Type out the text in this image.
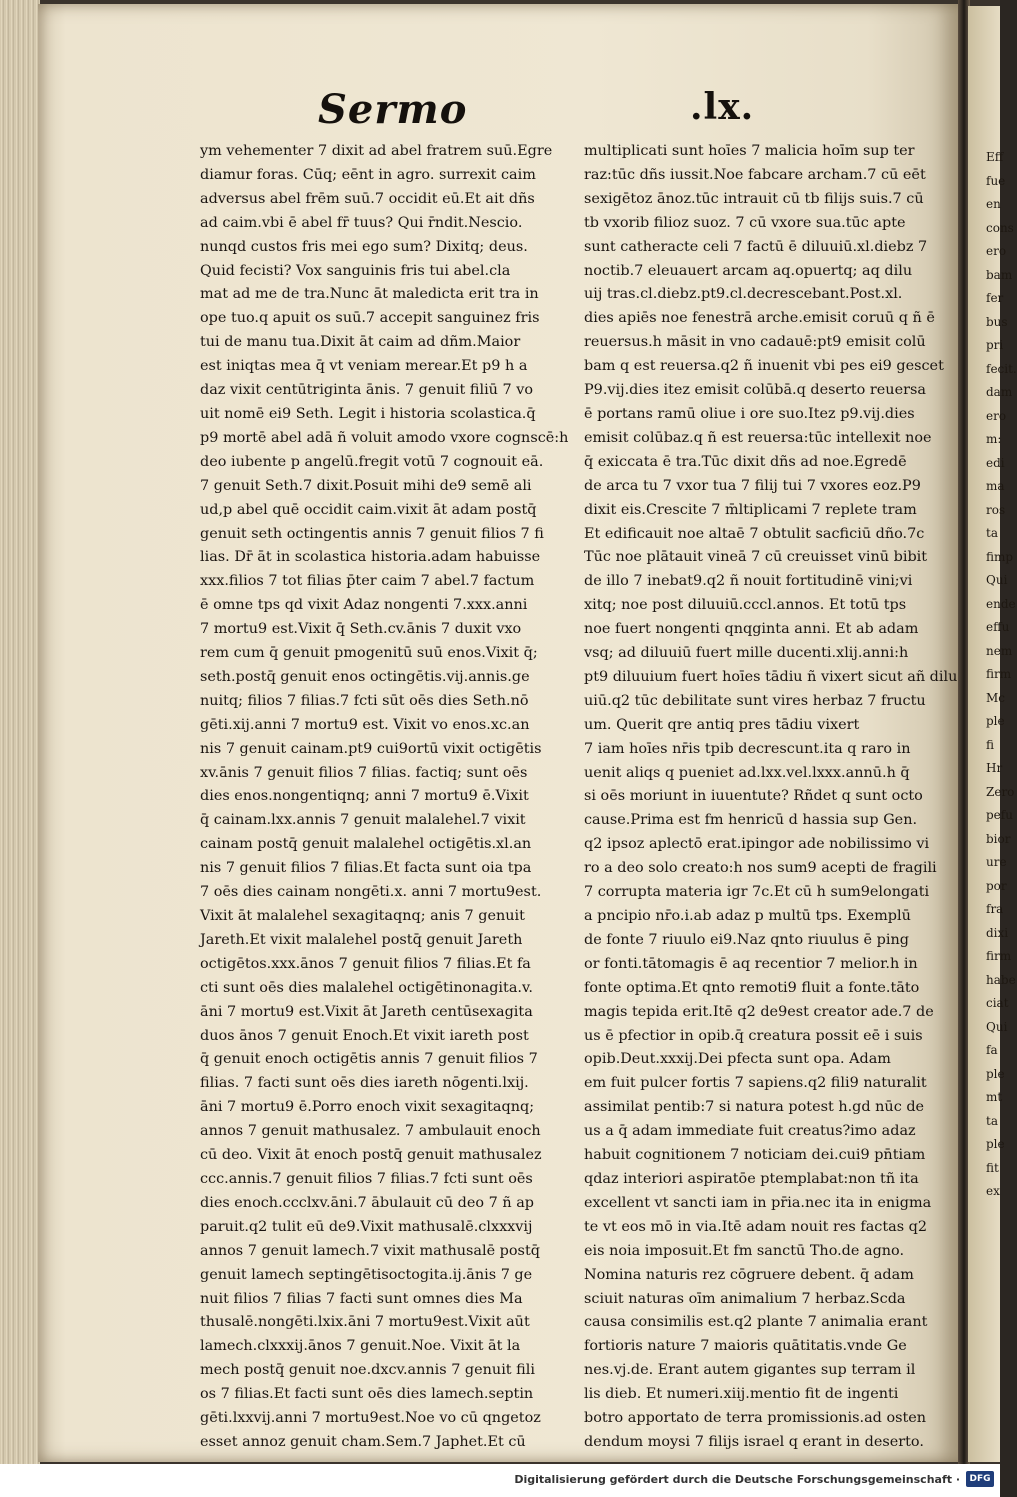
Eff
fue
en
cons
ero
bam
fer
bus
pri
fecit.
dam
ero
m:
edi
ma
ros
ta
fimp
Qui
ende
effu
nem
firm
Mc
ple
fi
Hr
Zero
pefu
bior
ure
por
fra
dixi
firm
habe
ciat
Qui
fa
ple
mt
ta
ple
fit
ex
Sermo	.lx.
ym vehementer 7 dixit ad abel fratrem suū.Egre
diamur foras. Cūq; eēnt in agro. surrexit caim
adversus abel frēm suū.7 occidit eū.Et ait dñs
ad caim.vbi ē abel fr̄ tuus? Qui r̄ndit.Nescio.
nunqd custos fris mei ego sum? Dixitq; deus.
Quid fecisti? Vox sanguinis fris tui abel.cla
mat ad me de tra.Nunc āt maledicta erit tra in
ope tuo.q apuit os suū.7 accepit sanguinez fris
tui de manu tua.Dixit āt caim ad dñm.Maior
est iniqtas mea q̄ vt veniam merear.Et p9 h a
daz vixit centūtriginta ānis. 7 genuit filiū 7 vo
uit nomē ei9 Seth. Legit i historia scolastica.q̄
p9 mortē abel adā ñ voluit amodo vxore cognscē:h
deo iubente p angelū.fregit votū 7 cognouit eā.
7 genuit Seth.7 dixit.Posuit mihi de9 semē ali
ud,p abel quē occidit caim.vixit āt adam postq̄
genuit seth octingentis annis 7 genuit filios 7 fi
lias. Dr̄ āt in scolastica historia.adam habuisse
xxx.filios 7 tot filias p̄ter caim 7 abel.7 factum
ē omne tps qd vixit Adaz nongenti 7.xxx.anni
7 mortu9 est.Vixit q̄ Seth.cv.ānis 7 duxit vxo
rem cum q̄ genuit pmogenitū suū enos.Vixit q̄;
seth.postq̄ genuit enos octingētis.vij.annis.ge
nuitq; filios 7 filias.7 fcti sūt oēs dies Seth.nō
gēti.xij.anni 7 mortu9 est. Vixit vo enos.xc.an
nis 7 genuit cainam.pt9 cui9ortū vixit octigētis
xv.ānis 7 genuit filios 7 filias. factiq; sunt oēs
dies enos.nongentiqnq; anni 7 mortu9 ē.Vixit
q̄ cainam.lxx.annis 7 genuit malalehel.7 vixit
cainam postq̄ genuit malalehel octigētis.xl.an
nis 7 genuit filios 7 filias.Et facta sunt oia tpa
7 oēs dies cainam nongēti.x. anni 7 mortu9est.
Vixit āt malalehel sexagitaqnq; anis 7 genuit
Jareth.Et vixit malalehel postq̄ genuit Jareth
octigētos.xxx.ānos 7 genuit filios 7 filias.Et fa
cti sunt oēs dies malalehel octigētinonagita.v.
āni 7 mortu9 est.Vixit āt Jareth centūsexagita
duos ānos 7 genuit Enoch.Et vixit iareth post
q̄ genuit enoch octigētis annis 7 genuit filios 7
filias. 7 facti sunt oēs dies iareth nōgenti.lxij.
āni 7 mortu9 ē.Porro enoch vixit sexagitaqnq;
annos 7 genuit mathusalez. 7 ambulauit enoch
cū deo. Vixit āt enoch postq̄ genuit mathusalez
ccc.annis.7 genuit filios 7 filias.7 fcti sunt oēs
dies enoch.ccclxv.āni.7 ābulauit cū deo 7 ñ ap
paruit.q2 tulit eū de9.Vixit mathusalē.clxxxvij
annos 7 genuit lamech.7 vixit mathusalē postq̄
genuit lamech septingētisoctogita.ij.ānis 7 ge
nuit filios 7 filias 7 facti sunt omnes dies Ma
thusalē.nongēti.lxix.āni 7 mortu9est.Vixit aūt
lamech.clxxxij.ānos 7 genuit.Noe. Vixit āt la
mech postq̄ genuit noe.dxcv.annis 7 genuit fili
os 7 filias.Et facti sunt oēs dies lamech.septin
gēti.lxxvij.anni 7 mortu9est.Noe vo cū qngetoz
esset annoz genuit cham.Sem.7 Japhet.Et cū
multiplicati sunt hoīes 7 malicia hoīm sup ter
raz:tūc dñs iussit.Noe fabcare archam.7 cū eēt
sexigētoz ānoz.tūc intrauit cū tb filijs suis.7 cū
tb vxorib filioz suoz. 7 cū vxore sua.tūc apte
sunt catheracte celi 7 factū ē diluuiū.xl.diebz 7
noctib.7 eleuauert arcam aq.opuertq; aq dilu
uij tras.cl.diebz.pt9.cl.decrescebant.Post.xl.
dies apiēs noe fenestrā arche.emisit coruū q ñ ē
reuersus.h māsit in vno cadauē:pt9 emisit colū
bam q est reuersa.q2 ñ inuenit vbi pes ei9 gescet
P9.vij.dies itez emisit colūbā.q deserto reuersa
ē portans ramū oliue i ore suo.Itez p9.vij.dies
emisit colūbaz.q ñ est reuersa:tūc intellexit noe
q̄ exiccata ē tra.Tūc dixit dñs ad noe.Egredē
de arca tu 7 vxor tua 7 filij tui 7 vxores eoz.P9
dixit eis.Crescite 7 m̄ltiplicami 7 replete tram
Et edificauit noe altaē 7 obtulit sacficiū dño.7c
Tūc noe plātauit vineā 7 cū creuisset vinū bibit
de illo 7 inebat9.q2 ñ nouit fortitudinē vini;vi
xitq; noe post diluuiū.cccl.annos. Et totū tps
noe fuert nongenti qnqginta anni. Et ab adam
vsq; ad diluuiū fuert mille ducenti.xlij.anni:h
pt9 diluuium fuert hoīes tādiu ñ vixert sicut añ dilu
uiū.q2 tūc debilitate sunt vires herbaz 7 fructu
um. Querit qre antiq pres tādiu vixert
7 iam hoīes nr̄is tpib decrescunt.ita q raro in
uenit aliqs q pueniet ad.lxx.vel.lxxx.annū.h q̄
si oēs moriunt in iuuentute? Rñdet q sunt octo
cause.Prima est fm henricū d hassia sup Gen.
q2 ipsoz aplectō erat.ipingor ade nobilissimo vi
ro a deo solo creato:h nos sum9 acepti de fragili
7 corrupta materia igr 7c.Et cū h sum9elongati
a pncipio nr̄o.i.ab adaz p multū tps. Exemplū
de fonte 7 riuulo ei9.Naz qnto riuulus ē ping
or fonti.tātomagis ē aq recentior 7 melior.h in
fonte optima.Et qnto remoti9 fluit a fonte.tāto
magis tepida erit.Itē q2 de9est creator ade.7 de
us ē pfectior in opib.q̄ creatura possit eē i suis
opib.Deut.xxxij.Dei pfecta sunt opa. Adam
em fuit pulcer fortis 7 sapiens.q2 fili9 naturalit
assimilat pentib:7 si natura potest h.gd nūc de
us a q̄ adam immediate fuit creatus?imo adaz
habuit cognitionem 7 noticiam dei.cui9 pn̄tiam
qdaz interiori aspiratōe ptemplabat:non tñ ita
excellent vt sancti iam in pr̄ia.nec ita in enigma
te vt eos mō in via.Itē adam nouit res factas q2
eis noia imposuit.Et fm sanctū Tho.de agno.
Nomina naturis rez cōgruere debent. q̄ adam
sciuit naturas oīm animalium 7 herbaz.Scda
causa consimilis est.q2 plante 7 animalia erant
fortioris nature 7 maioris quātitatis.vnde Ge
nes.vj.de. Erant autem gigantes sup terram il
lis dieb. Et numeri.xiij.mentio fit de ingenti
botro apportato de terra promissionis.ad osten
dendum moysi 7 filijs israel q erant in deserto.
Digitalisierung gefördert durch die Deutsche Forschungsgemeinschaft ·	DFG
